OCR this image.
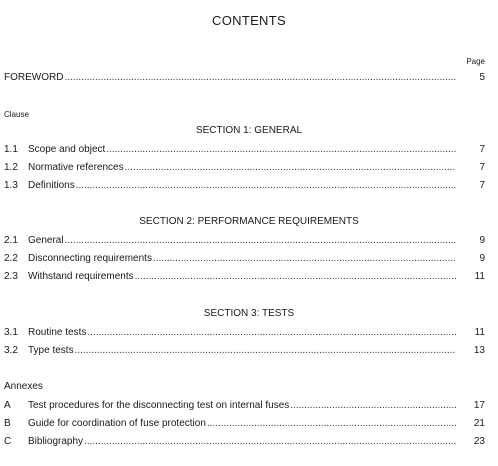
CONTENTS
Page
FOREWORD .....	5
Clause
SECTION 1: GENERAL
1.1	Scope and object .....	7
1.2	Normative references .....	7
1.3	Definitions .....	7
SECTION 2: PERFORMANCE REQUIREMENTS
2.1	General .....	9
2.2	Disconnecting requirements .....	9
2.3	Withstand requirements .....	11
SECTION 3: TESTS
3.1	Routine tests .....	11
3.2	Type tests .....	13
Annexes
A	Test procedures for the disconnecting test on internal fuses .....	17
B	Guide for coordination of fuse protection .....	21
C	Bibliography .....	23
